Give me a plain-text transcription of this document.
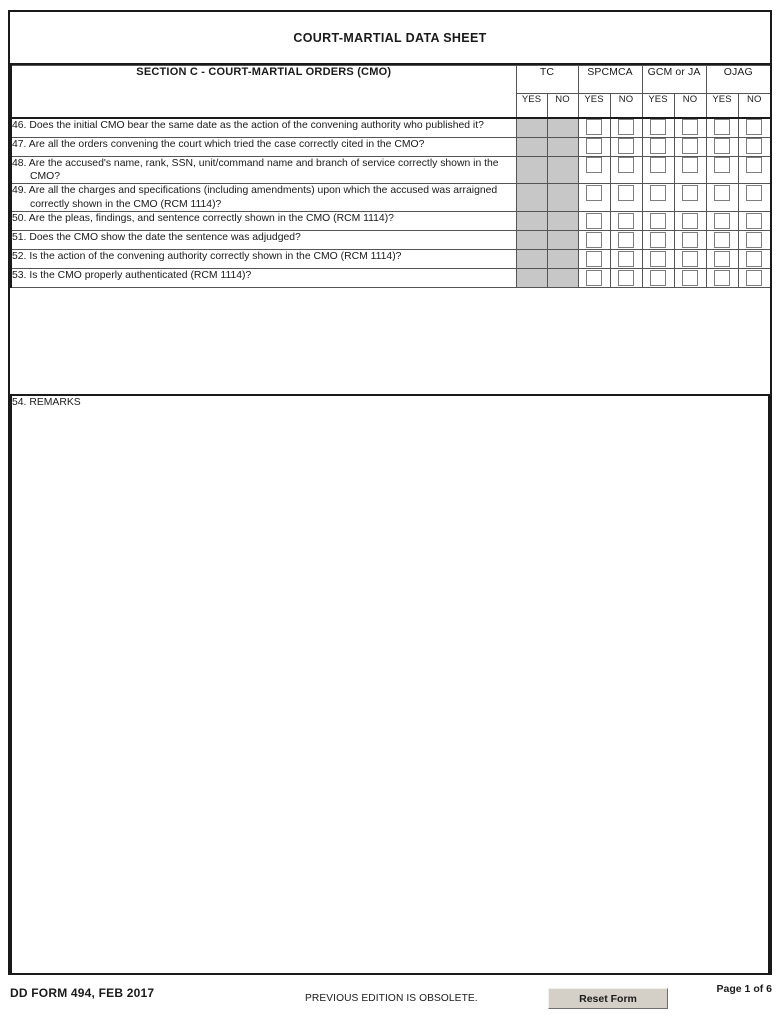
COURT-MARTIAL DATA SHEET
SECTION C - COURT-MARTIAL ORDERS (CMO)	TC		SPCMCA		GCM or JA		OJAG	
	YES	NO	YES	NO	YES	NO	YES	NO

46. Does the initial CMO bear the same date as the action of the convening authority who published it?								

47. Are all the orders convening the court which tried the case correctly cited in the CMO?								

48. Are the accused's name, rank, SSN, unit/command name and branch of service correctly shown in the CMO?								

49. Are all the charges and specifications (including amendments) upon which the accused was arraigned correctly shown in the CMO (RCM 1114)?								

50. Are the pleas, findings, and sentence correctly shown in the CMO (RCM 1114)?								

51. Does the CMO show the date the sentence was adjudged?								

52. Is the action of the convening authority correctly shown in the CMO (RCM 1114)?								

53. Is the CMO properly authenticated (RCM 1114)?								

54. REMARKS
DD FORM 494, FEB 2017	PREVIOUS EDITION IS OBSOLETE.
Page 1 of 6
Reset Form
